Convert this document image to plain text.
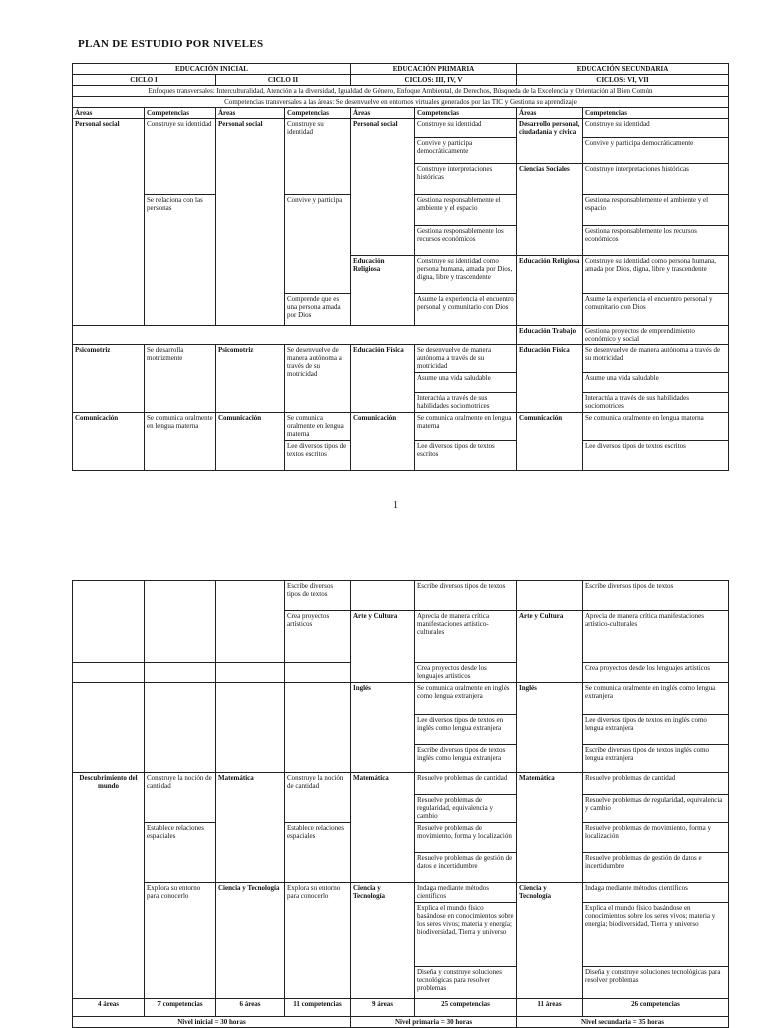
PLAN DE ESTUDIO POR NIVELES
EDUCACIÓN INICIAL				EDUCACIÓN PRIMARIA		EDUCACIÓN SECUNDARIA	
CICLO I		CICLO II		CICLOS: III, IV, V		CICLOS: VI, VII	
Enfoques transversales: Interculturalidad, Atención a la diversidad, Igualdad de Género, Enfoque Ambiental, de Derechos, Búsqueda de la Excelencia y Orientación al Bien Común							
Competencias transversales a las áreas: Se desenvuelve en entornos virtuales generados por las TIC y Gestiona su aprendizaje							
Áreas	Competencias	Áreas	Competencias	Áreas	Competencias	Áreas	Competencias
Personal social	Construye su identidad	Personal social	Construye su identidad	Personal social	Construye su identidad	Desarrollo personal, ciudadanía y cívica	Construye su identidad
					Convive y participa democráticamente		Convive y participa democráticamente
					Construye interpretaciones históricas	Ciencias Sociales	Construye interpretaciones históricas
	Se relaciona con las personas		Convive y participa		Gestiona responsablemente el ambiente y el espacio		Gestiona responsablemente el ambiente y el espacio
					Gestiona responsablemente los recursos económicos		Gestiona responsablemente los recursos económicos
				Educación Religiosa	Construye su identidad como persona humana, amada por Dios, digna, libre y trascendente	Educación Religiosa	Construye su identidad como persona humana, amada por Dios, digna, libre y trascendente
			Comprende que es una persona amada por Dios		Asume la experiencia el encuentro personal y comunitario con Dios		Asume la experiencia el encuentro personal y comunitario con Dios
						Educación Trabajo	Gestiona proyectos de emprendimiento económico y social
Psicomotriz	Se desarrolla motrizmente	Psicomotriz	Se desenvuelve de manera autónoma a través de su motricidad	Educación Física	Se desenvuelve de manera autónoma a través de su motricidad	Educación Física	Se desenvuelve de manera autónoma a través de su motricidad
					Asume una vida saludable		Asume una vida saludable
					Interactúa a través de sus habilidades sociomotrices		Interactúa a través de sus habilidades sociomotrices
Comunicación	Se comunica oralmente en lengua materna	Comunicación	Se comunica oralmente en lengua materna	Comunicación	Se comunica oralmente en lengua materna	Comunicación	Se comunica oralmente en lengua materna
			Lee diversos tipos de textos escritos		Lee diversos tipos de textos escritos		Lee diversos tipos de textos escritos
1
			Escribe diversos tipos de textos		Escribe diversos tipos de textos		Escribe diversos tipos de textos
			Crea proyectos artísticos	Arte y Cultura	Aprecia de manera crítica manifestaciones artístico-culturales	Arte y Cultura	Aprecia de manera crítica manifestaciones artístico-culturales
					Crea proyectos desde los lenguajes artísticos		Crea proyectos desde los lenguajes artísticos
				Inglés	Se comunica oralmente en inglés como lengua extranjera	Inglés	Se comunica oralmente en inglés como lengua extranjera
					Lee diversos tipos de textos en inglés como lengua extranjera		Lee diversos tipos de textos en inglés como lengua extranjera
					Escribe diversos tipos de textos inglés como lengua extranjera		Escribe diversos tipos de textos inglés como lengua extranjera
Descubrimiento del mundo	Construye la noción de cantidad	Matemática	Construye la noción de cantidad	Matemática	Resuelve problemas de cantidad	Matemática	Resuelve problemas de cantidad
					Resuelve problemas de regularidad, equivalencia y cambio		Resuelve problemas de regularidad, equivalencia y cambio
	Establece relaciones espaciales		Establece relaciones espaciales		Resuelve problemas de movimiento, forma y localización		Resuelve problemas de movimiento, forma y localización
					Resuelve problemas de gestión de datos e incertidumbre		Resuelve problemas de gestión de datos e incertidumbre
	Explora su entorno para conocerlo	Ciencia y Tecnología	Explora su entorno para conocerlo	Ciencia y Tecnología	Indaga mediante métodos científicos	Ciencia y Tecnología	Indaga mediante métodos científicos
					Explica el mundo físico basándose en conocimientos sobre los seres vivos; materia y energía; biodiversidad, Tierra y universo		Explica el mundo físico basándose en conocimientos sobre los seres vivos; materia y energía; biodiversidad, Tierra y universo
					Diseña y construye soluciones tecnológicas para resolver problemas		Diseña y construye soluciones tecnológicas para resolver problemas
4 áreas	7 competencias	6 áreas	11 competencias	9 áreas	25 competencias	11 áreas	26 competencias
Nivel inicial = 30 horas				Nivel primaria = 30 horas		Nivel secundaria = 35 horas	
